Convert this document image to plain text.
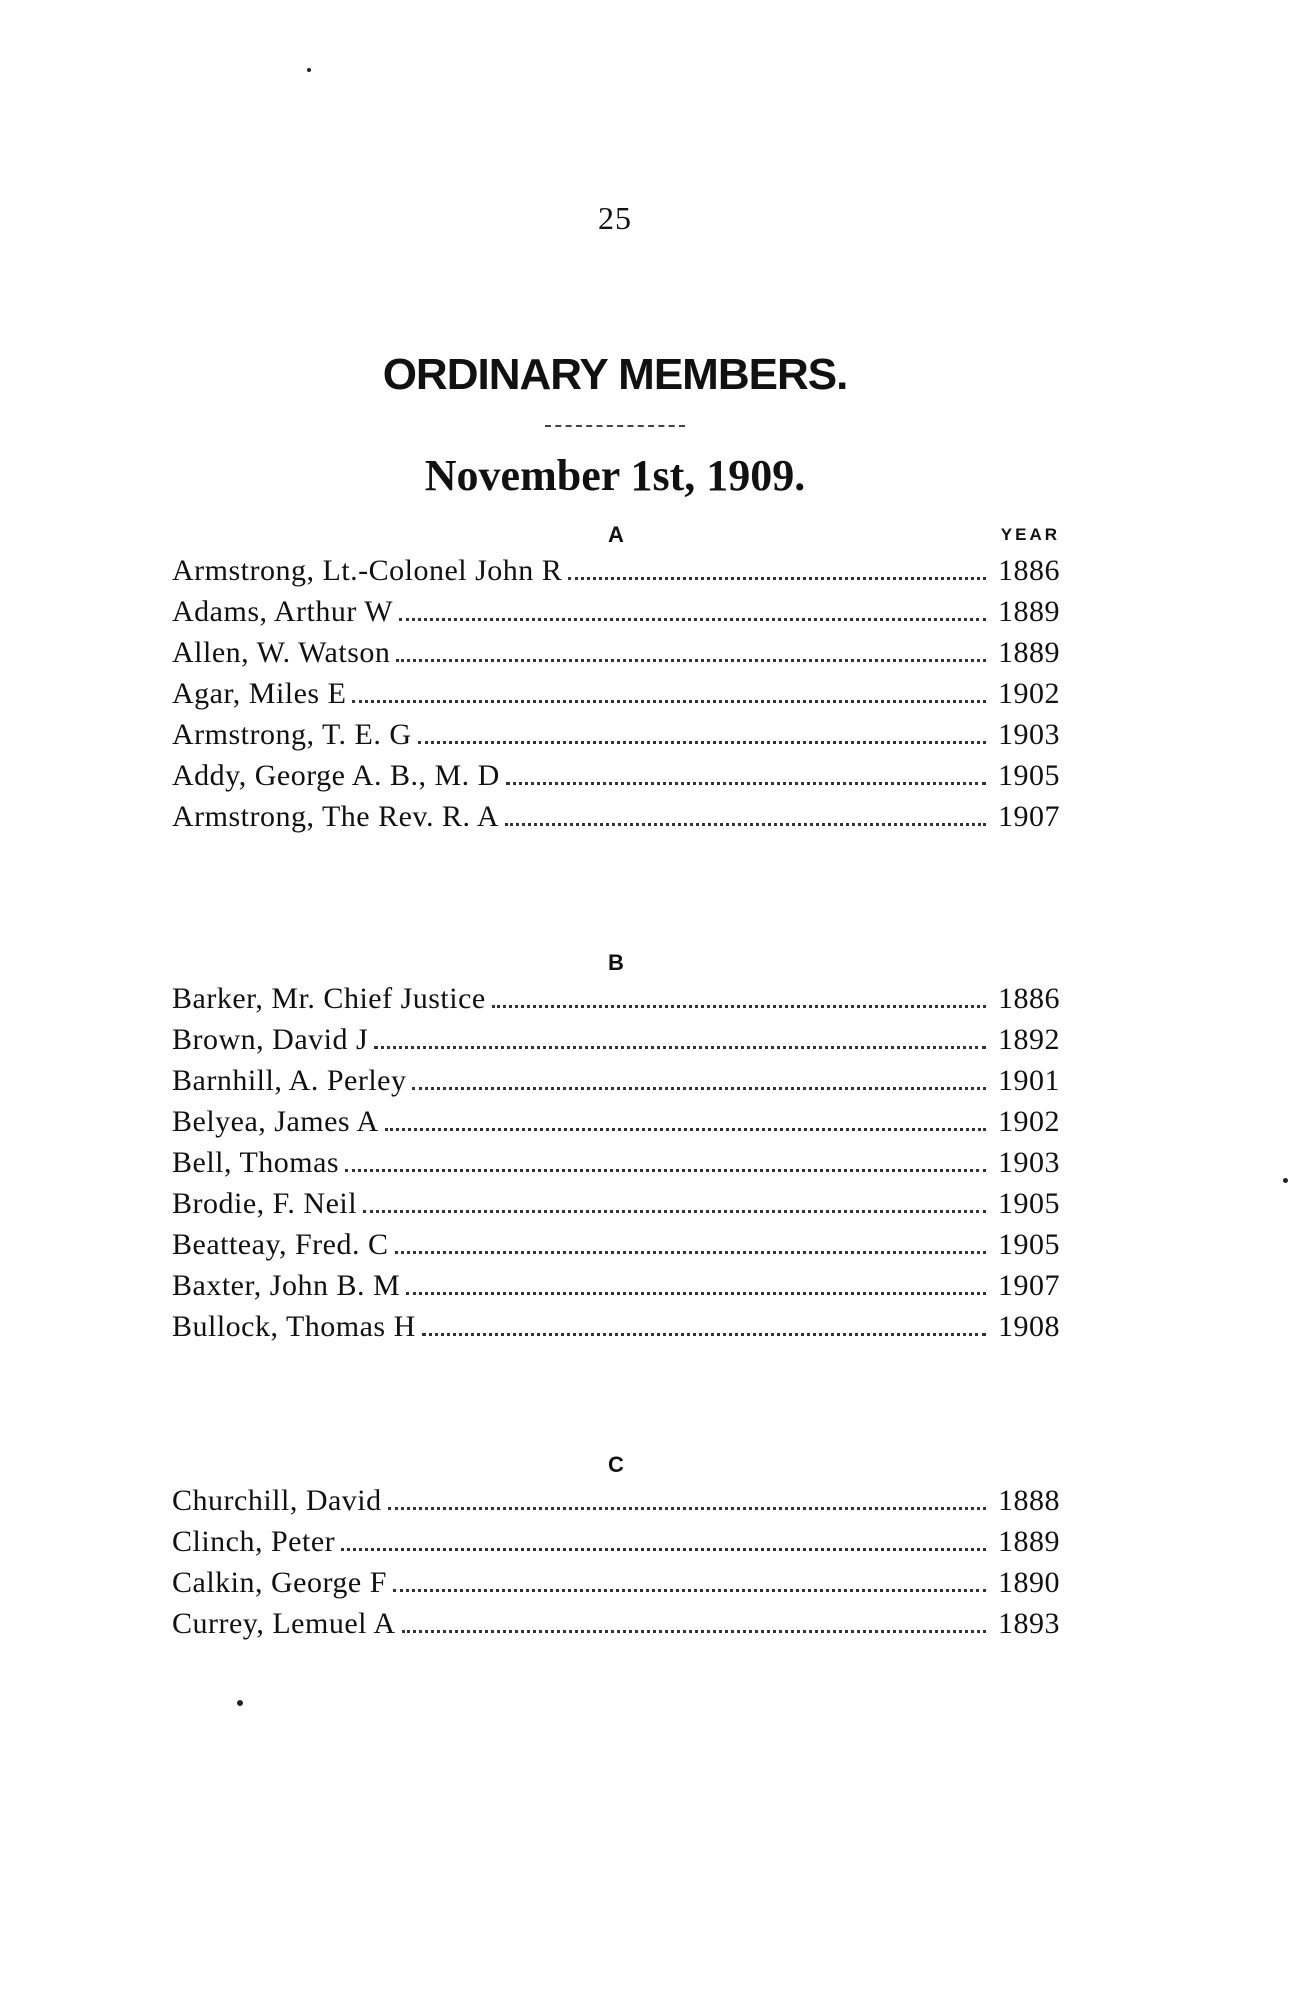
25
ORDINARY MEMBERS.
November 1st, 1909.
A	YEAR
Armstrong, Lt.-Colonel John R	1886
Adams, Arthur W	1889
Allen, W. Watson	1889
Agar, Miles E	1902
Armstrong, T. E. G	1903
Addy, George A. B., M. D	1905
Armstrong, The Rev. R. A	1907
B
Barker, Mr. Chief Justice	1886
Brown, David J	1892
Barnhill, A. Perley	1901
Belyea, James A	1902
Bell, Thomas	1903
Brodie, F. Neil	1905
Beatteay, Fred. C	1905
Baxter, John B. M	1907
Bullock, Thomas H	1908
C
Churchill, David	1888
Clinch, Peter	1889
Calkin, George F	1890
Currey, Lemuel A	1893
